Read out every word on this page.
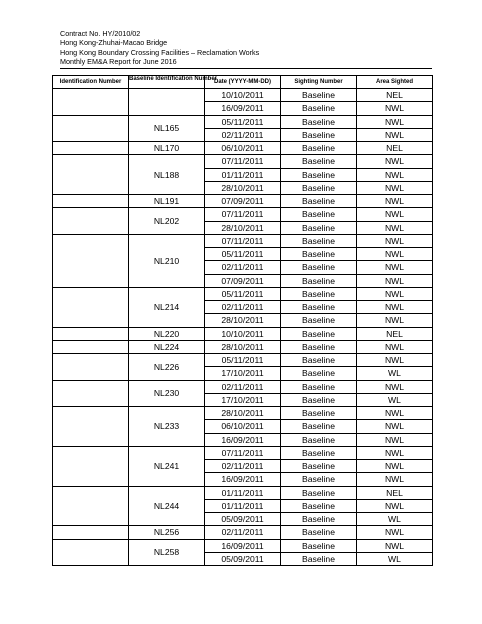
Contract No. HY/2010/02
Hong Kong-Zhuhai-Macao Bridge
Hong Kong Boundary Crossing Facilities – Reclamation Works
Monthly EM&A Report for June 2016
Identification Number	Baseline Identification Number	Date (YYYY-MM-DD)	Sighting Number	Area Sighted
		10/10/2011	Baseline	NEL
		16/09/2011	Baseline	NWL
	NL165	05/11/2011	Baseline	NWL
		02/11/2011	Baseline	NWL
	NL170	06/10/2011	Baseline	NEL
	NL188	07/11/2011	Baseline	NWL
		01/11/2011	Baseline	NWL
		28/10/2011	Baseline	NWL
	NL191	07/09/2011	Baseline	NWL
	NL202	07/11/2011	Baseline	NWL
		28/10/2011	Baseline	NWL
	NL210	07/11/2011	Baseline	NWL
		05/11/2011	Baseline	NWL
		02/11/2011	Baseline	NWL
		07/09/2011	Baseline	NWL
	NL214	05/11/2011	Baseline	NWL
		02/11/2011	Baseline	NWL
		28/10/2011	Baseline	NWL
	NL220	10/10/2011	Baseline	NEL
	NL224	28/10/2011	Baseline	NWL
	NL226	05/11/2011	Baseline	NWL
		17/10/2011	Baseline	WL
	NL230	02/11/2011	Baseline	NWL
		17/10/2011	Baseline	WL
	NL233	28/10/2011	Baseline	NWL
		06/10/2011	Baseline	NWL
		16/09/2011	Baseline	NWL
	NL241	07/11/2011	Baseline	NWL
		02/11/2011	Baseline	NWL
		16/09/2011	Baseline	NWL
	NL244	01/11/2011	Baseline	NEL
		01/11/2011	Baseline	NWL
		05/09/2011	Baseline	WL
	NL256	02/11/2011	Baseline	NWL
	NL258	16/09/2011	Baseline	NWL
		05/09/2011	Baseline	WL
